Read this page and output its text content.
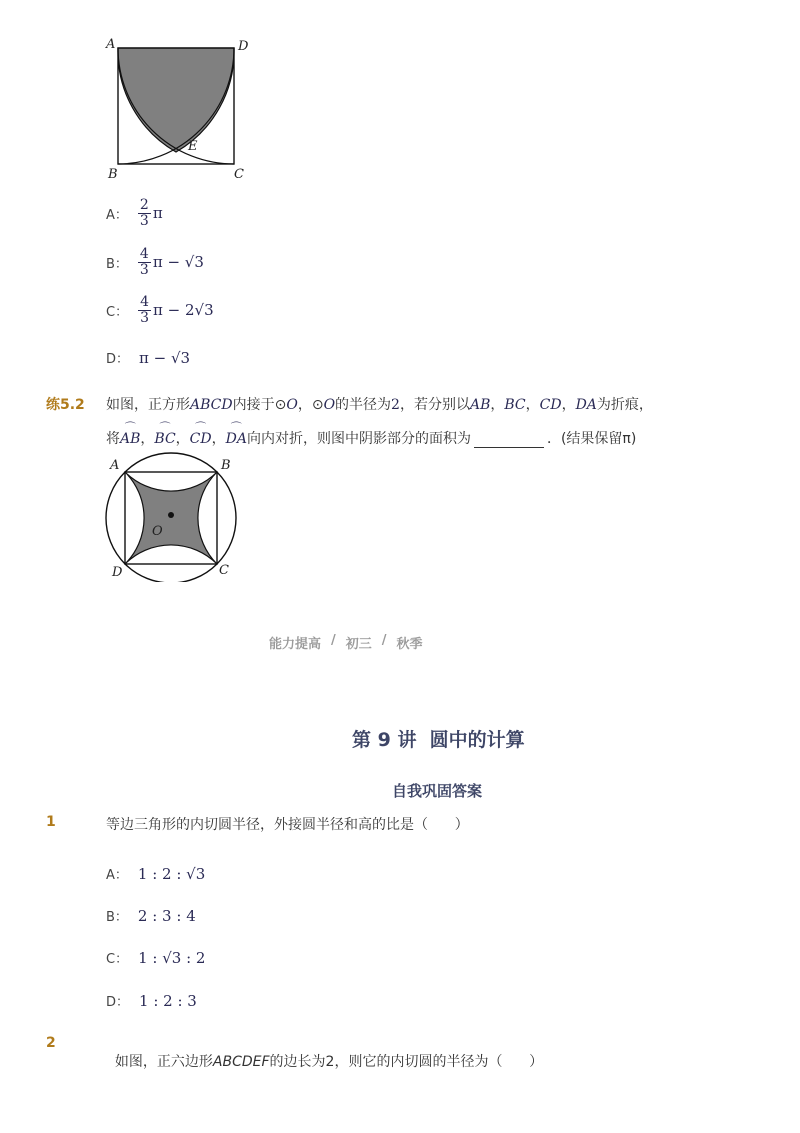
A	D
B	C
E
A： $\frac{2}{3}$ π
B： $\frac{4}{3}$ π − √3
C： $\frac{4}{3}$ π − 2√3
D： π − √3
练5.2 如图，正方形ABCD内接于⊙O，⊙O的半径为2，若分别以AB，BC，CD，DA为折痕，
将⌒ AB，⌒ BC，⌒ CD，⌒ DA向内对折，则图中阴影部分的面积为	．(结果保留π)
A	B
D	C
O
能力提高 / 初三 / 秋季
第 9 讲  圆中的计算
自我巩固答案
1	等边三角形的内切圆半径，外接圆半径和高的比是（      ）
A： 1 : 2 : √3
B： 2 : 3 : 4
C： 1 : √3 : 2
D： 1 : 2 : 3
2

如图，正六边形ABCDEF的边长为2，则它的内切圆的半径为（      ）
